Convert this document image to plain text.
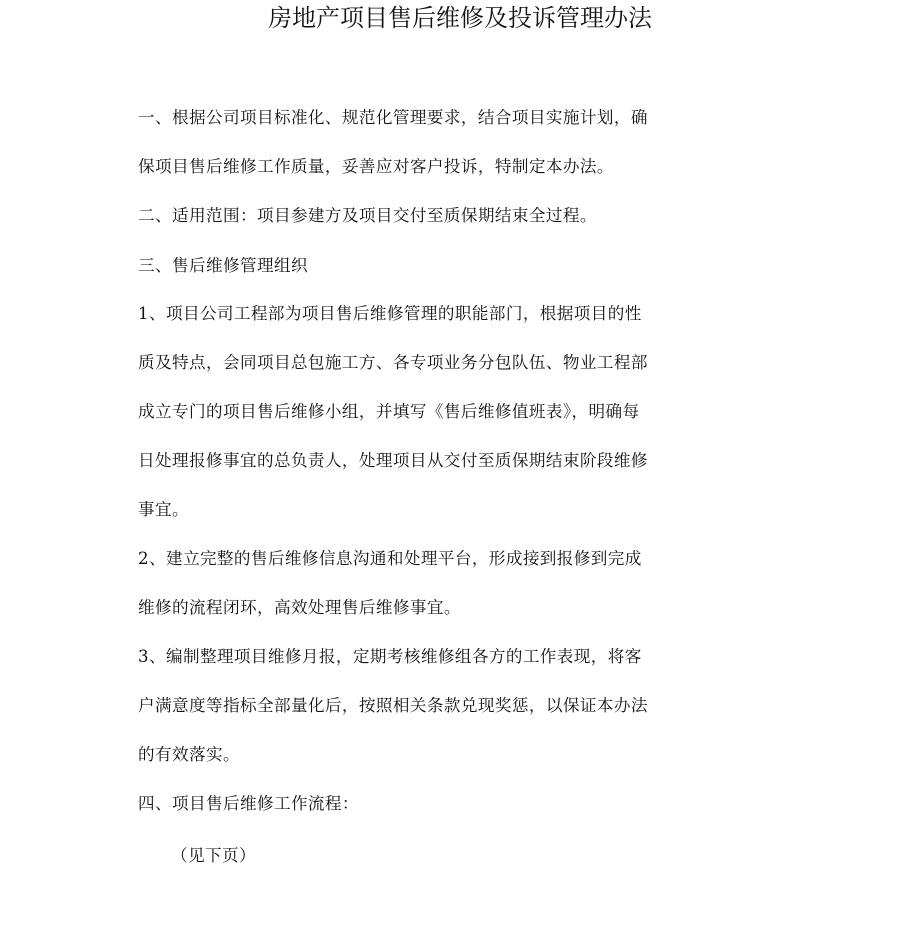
房地产项目售后维修及投诉管理办法
一、根据公司项目标准化、规范化管理要求，结合项目实施计划，确
保项目售后维修工作质量，妥善应对客户投诉，特制定本办法。
二、适用范围：项目参建方及项目交付至质保期结束全过程。
三、售后维修管理组织
1、项目公司工程部为项目售后维修管理的职能部门，根据项目的性
质及特点，会同项目总包施工方、各专项业务分包队伍、物业工程部
成立专门的项目售后维修小组，并填写《售后维修值班表》，明确每
日处理报修事宜的总负责人，处理项目从交付至质保期结束阶段维修
事宜。
2、建立完整的售后维修信息沟通和处理平台，形成接到报修到完成
维修的流程闭环，高效处理售后维修事宜。
3、编制整理项目维修月报，定期考核维修组各方的工作表现，将客
户满意度等指标全部量化后，按照相关条款兑现奖惩，以保证本办法
的有效落实。
四、项目售后维修工作流程：
（见下页）
